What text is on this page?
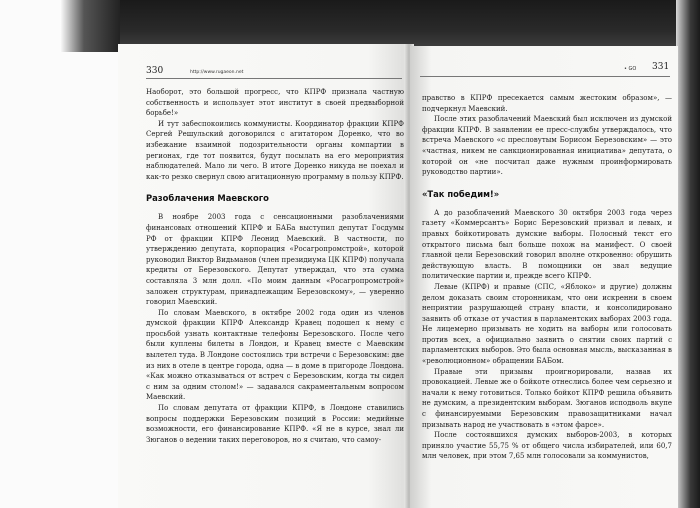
330	http://www.rugaeon.net

Наоборот, это большой прогресс, что КПРФ признала частную собственность и использует этот институт в своей предвыборной борьбе!»

И тут забеспокоились коммунисты. Координатор фракции КПРФ Сергей Решульский договорился с агитатором Доренко, что во избежание взаимной подозрительности органы компартии в регионах, где тот появится, будут посылать на его мероприятия наблюдателей. Мало ли чего. В итоге Доренко никуда не поехал и как-то резко свернул свою агитационную программу в пользу КПРФ.

Разоблачения Маевского

В ноябре 2003 года с сенсационными разоблачениями финансовых отношений КПРФ и БАБа выступил депутат Госдумы РФ от фракции КПРФ Леонид Маевский. В частности, по утверждению депутата, корпорация «Росагропромстрой», которой руководил Виктор Видьманов (член президиума ЦК КПРФ) получала кредиты от Березовского. Депутат утверждал, что эта сумма составляла 3 млн долл. «По моим данным «Росагропромстрой» заложен структурам, принадлежащим Березовскому», — уверенно говорил Маевский.

По словам Маевского, в октябре 2002 года один из членов думской фракции КПРФ Александр Кравец подошел к нему с просьбой узнать контактные телефоны Березовского. После чего были куплены билеты в Лондон, и Кравец вместе с Маевским вылетел туда. В Лондоне состоялись три встречи с Березовским: две из них в отеле в центре города, одна — в доме в пригороде Лондона. «Как можно отказываться от встреч с Березовским, когда ты сидел с ним за одним столом!» — задавался сакраментальным вопросом Маевский.

По словам депутата от фракции КПРФ, в Лондоне ставились вопросы поддержки Березовским позиций в России: медийные возможности, его финансирование КПРФ. «Я не в курсе, знал ли Зюганов о ведении таких переговоров, но я считаю, что самоу-

331
• GO

правство в КПРФ пресекается самым жестоким образом», — подчеркнул Маевский.

После этих разоблачений Маевский был исключен из думской фракции КПРФ. В заявлении ее пресс-службы утверждалось, что встреча Маевского «с пресловутым Борисом Березовским» — это «частная, никем не санкционированная инициатива» депутата, о которой он «не посчитал даже нужным проинформировать руководство партии».

«Так победим!»

А до разоблачений Маевского 30 октября 2003 года через газету «Коммерсантъ» Борис Березовский призвал и левых, и правых бойкотировать думские выборы. Полосный текст его открытого письма был больше похож на манифест. О своей главной цели Березовский говорил вполне откровенно: обрушить действующую власть. В помощники он звал ведущие политические партии и, прежде всего КПРФ.

Левые (КПРФ) и правые (СПС, «Яблоко» и другие) должны делом доказать своим сторонникам, что они искренни в своем неприятии разрушающей страну власти, и консолидировано заявить об отказе от участия в парламентских выборах 2003 года. Не лицемерно призывать не ходить на выборы или голосовать против всех, а официально заявить о снятии своих партий с парламентских выборов. Это была основная мысль, высказанная в «революционном» обращении БАБом.

Правые эти призывы проигнорировали, назвав их провокацией. Левые же о бойкоте отнеслись более чем серьезно и начали к нему готовиться. Только бойкот КПРФ решила объявить не думским, а президентским выборам. Зюганов исподволь вкупе с финансируемыми Березовским правозащитниками начал призывать народ не участвовать в «этом фарсе».

После состоявшихся думских выборов-2003, в которых приняло участие 55,75 % от общего числа избирателей, или 60,7 млн человек, при этом 7,65 млн голосовали за коммунистов,
